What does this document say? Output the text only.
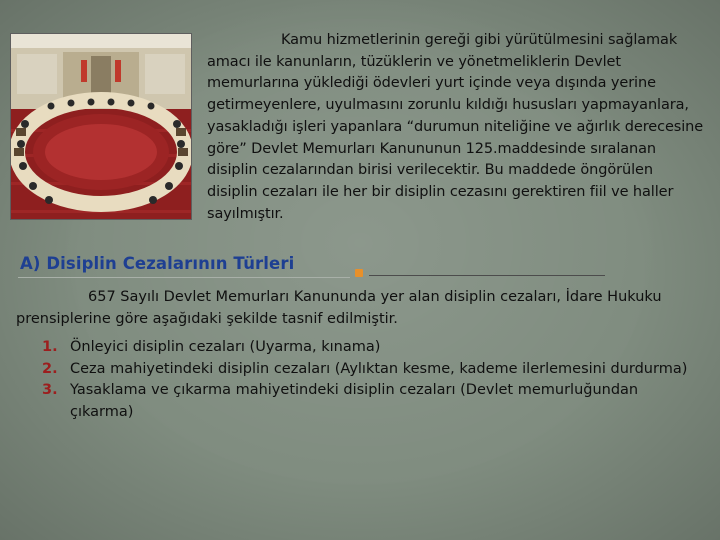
Kamu hizmetlerinin gereği gibi yürütülmesini sağlamak amacı ile kanunların, tüzüklerin ve yönetmeliklerin Devlet memurlarına yüklediği ödevleri yurt içinde veya dışında yerine getirmeyenlere, uyulmasını zorunlu kıldığı hususları yapmayanlara, yasakladığı işleri yapanlara “durumun niteliğine ve ağırlık derecesine göre” Devlet Memurları Kanununun 125.maddesinde sıralanan disiplin cezalarından birisi verilecektir. Bu maddede öngörülen disiplin cezaları ile her bir disiplin cezasını gerektiren fiil ve haller sayılmıştır.

A) Disiplin Cezalarının Türleri

657 Sayılı Devlet Memurları Kanununda yer alan disiplin cezaları, İdare Hukuku prensiplerine göre aşağıdaki şekilde tasnif edilmiştir.

1. Önleyici disiplin cezaları (Uyarma, kınama)
2. Ceza mahiyetindeki disiplin cezaları (Aylıktan kesme, kademe ilerlemesini durdurma)
3. Yasaklama ve çıkarma mahiyetindeki disiplin cezaları (Devlet memurluğundan çıkarma)
